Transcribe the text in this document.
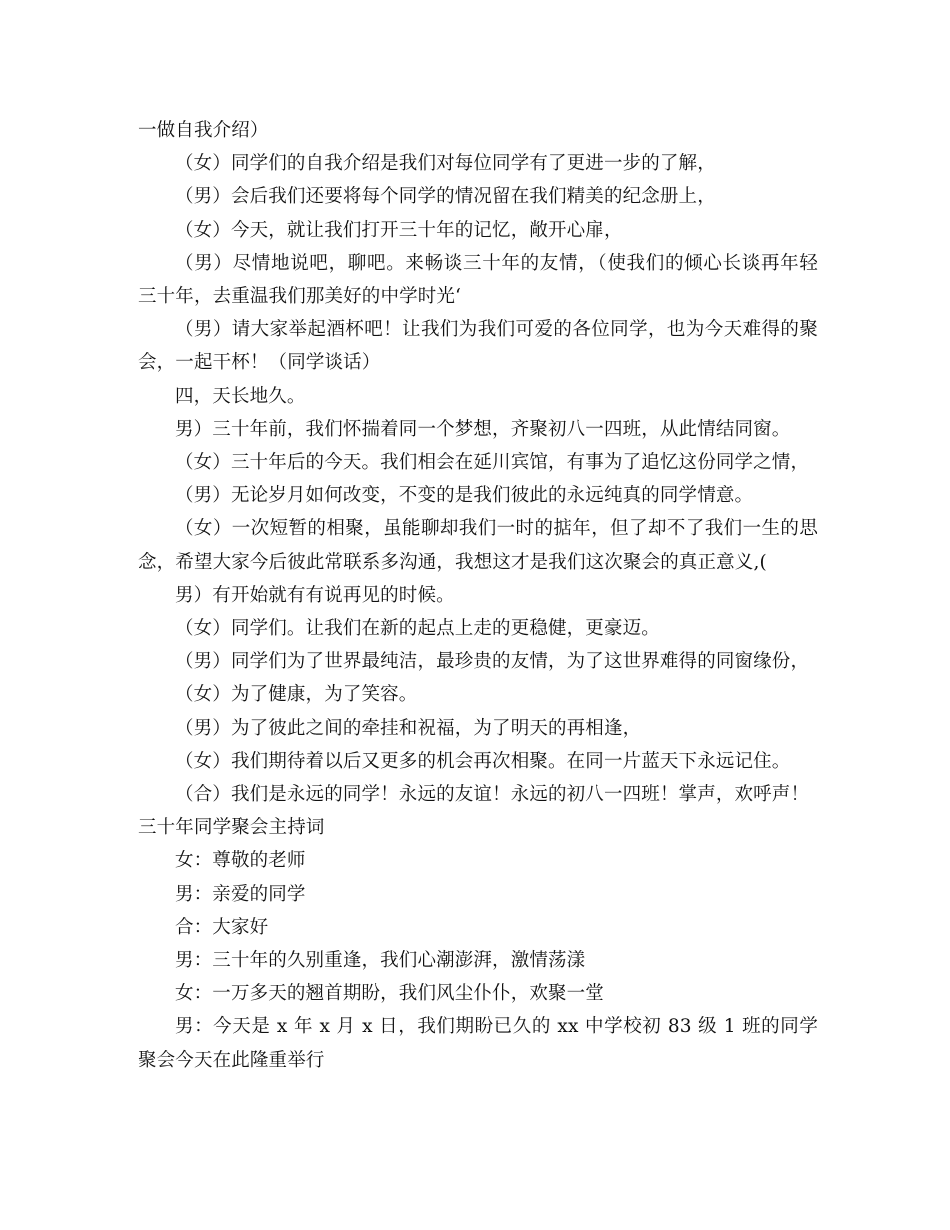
一做自我介绍）

（女）同学们的自我介绍是我们对每位同学有了更进一步的了解，

（男）会后我们还要将每个同学的情况留在我们精美的纪念册上，

（女）今天，就让我们打开三十年的记忆，敞开心扉，

（男）尽情地说吧，聊吧。来畅谈三十年的友情，（使我们的倾心长谈再年轻三十年，去重温我们那美好的中学时光‘

（男）请大家举起酒杯吧！让我们为我们可爱的各位同学，也为今天难得的聚会，一起干杯！（同学谈话）

四，天长地久。

男）三十年前，我们怀揣着同一个梦想，齐聚初八一四班，从此情结同窗。

（女）三十年后的今天。我们相会在延川宾馆，有事为了追忆这份同学之情，

（男）无论岁月如何改变，不变的是我们彼此的永远纯真的同学情意。

（女）一次短暂的相聚，虽能聊却我们一时的掂年，但了却不了我们一生的思念，希望大家今后彼此常联系多沟通，我想这才是我们这次聚会的真正意义,(

男）有开始就有有说再见的时候。

（女）同学们。让我们在新的起点上走的更稳健，更豪迈。

（男）同学们为了世界最纯洁，最珍贵的友情，为了这世界难得的同窗缘份，

（女）为了健康，为了笑容。

（男）为了彼此之间的牵挂和祝福，为了明天的再相逢，

（女）我们期待着以后又更多的机会再次相聚。在同一片蓝天下永远记住。

（合）我们是永远的同学！永远的友谊！永远的初八一四班！掌声，欢呼声！

三十年同学聚会主持词

女：尊敬的老师

男：亲爱的同学

合：大家好

男：三十年的久别重逢，我们心潮澎湃，激情荡漾

女：一万多天的翘首期盼，我们风尘仆仆，欢聚一堂

男：今天是 x 年 x 月 x 日，我们期盼已久的 xx 中学校初 83 级 1 班的同学聚会今天在此隆重举行
